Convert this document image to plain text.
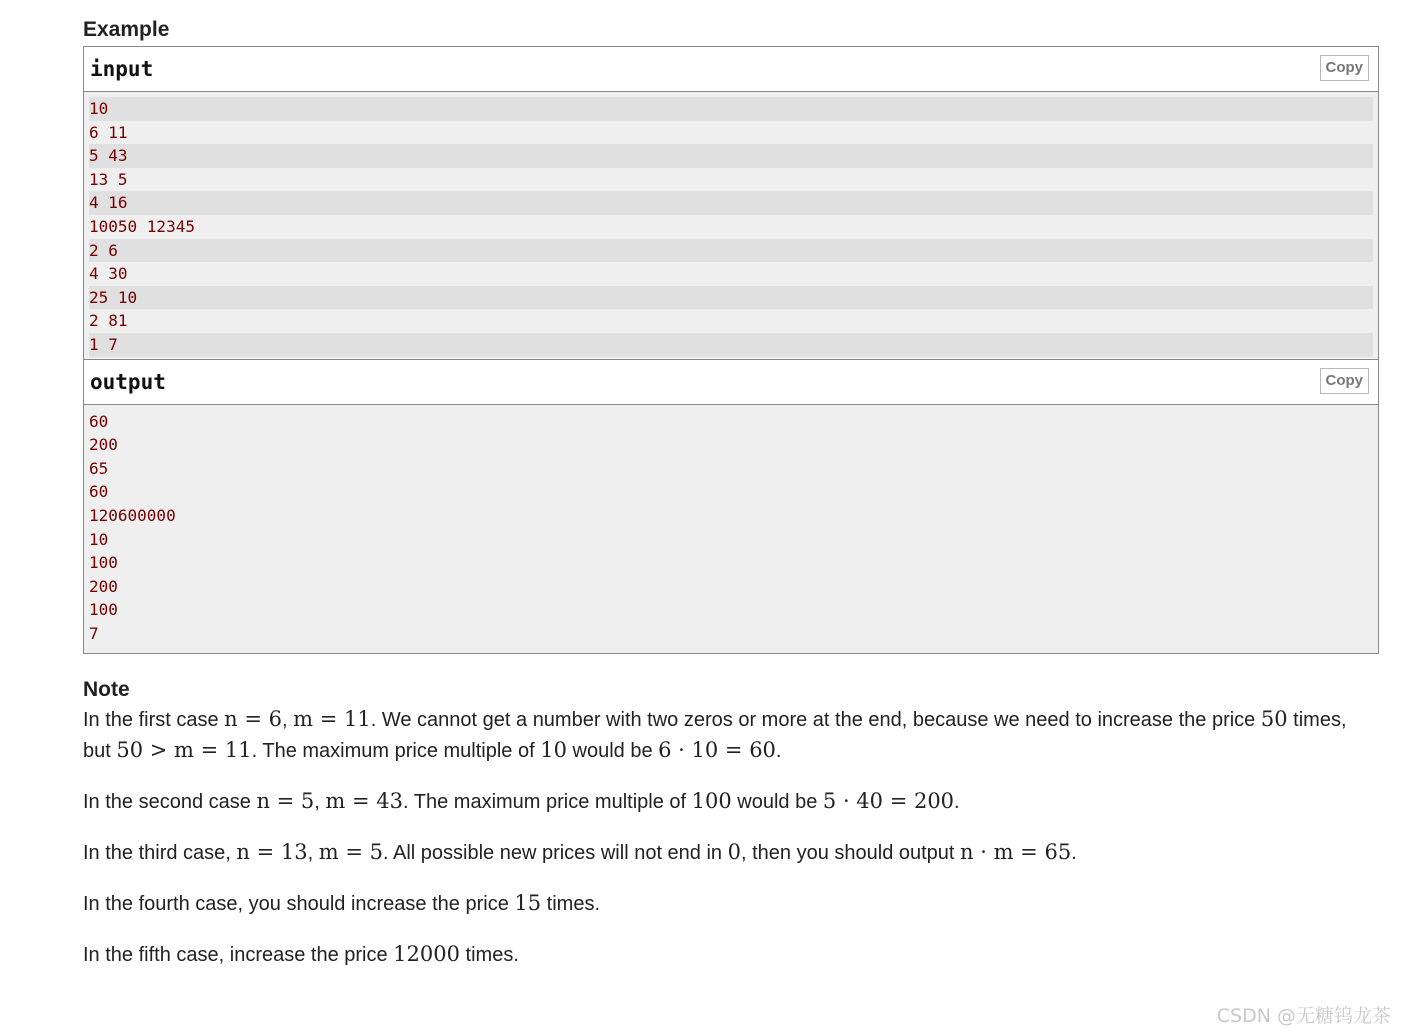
Example
input	Copy
10
6 11
5 43
13 5
4 16
10050 12345
2 6
4 30
25 10
2 81
1 7
output	Copy
60
200
65
60
120600000
10
100
200
100
7
Note

In the first case n = 6, m = 11. We cannot get a number with two zeros or more at the end, because we need to increase the price 50 times, but 50 > m = 11. The maximum price multiple of 10 would be 6 · 10 = 60.

In the second case n = 5, m = 43. The maximum price multiple of 100 would be 5 · 40 = 200.

In the third case, n = 13, m = 5. All possible new prices will not end in 0, then you should output n · m = 65.

In the fourth case, you should increase the price 15 times.

In the fifth case, increase the price 12000 times.

CSDN @无糖钨龙茶
